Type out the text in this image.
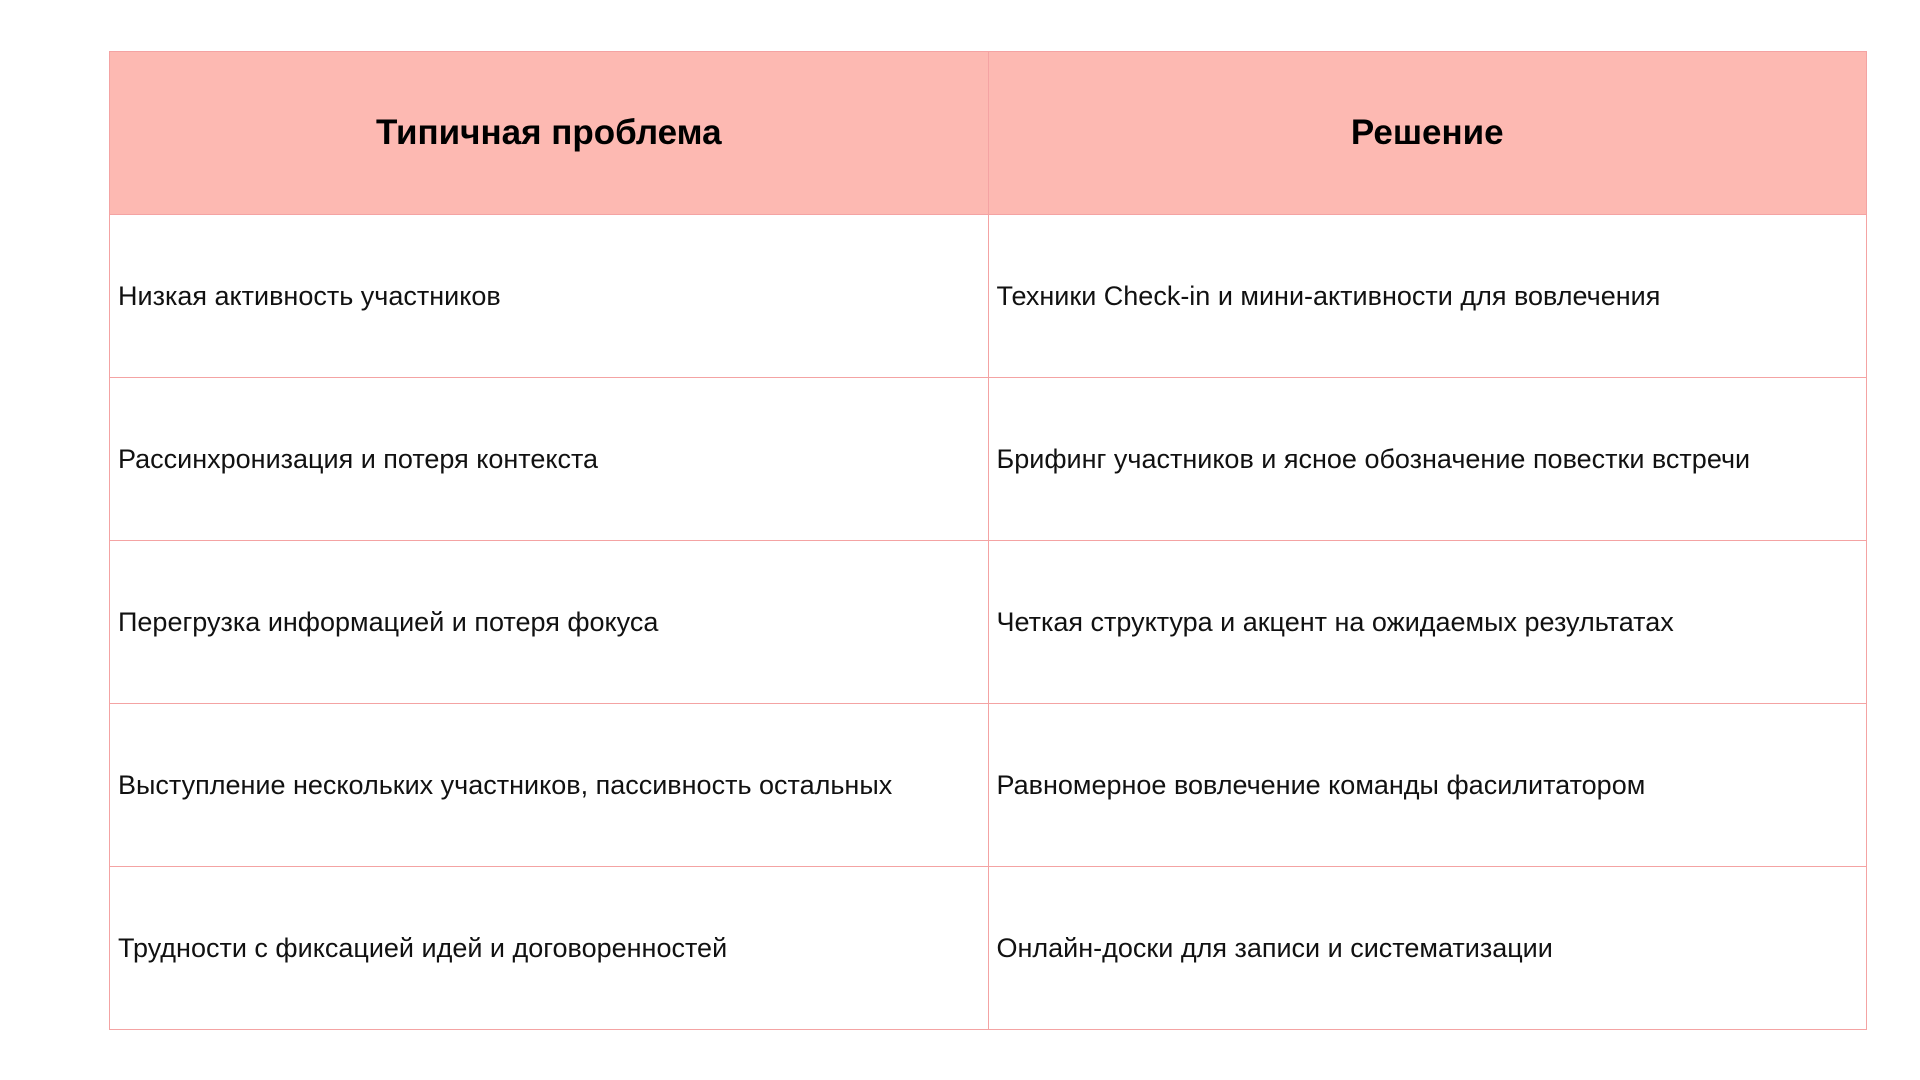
Типичная проблема	Решение
Низкая активность участников	Техники Check-in и мини-активности для вовлечения
Рассинхронизация и потеря контекста	Брифинг участников и ясное обозначение повестки встречи
Перегрузка информацией и потеря фокуса	Четкая структура и акцент на ожидаемых результатах
Выступление нескольких участников, пассивность остальных	Равномерное вовлечение команды фасилитатором
Трудности с фиксацией идей и договоренностей	Онлайн-доски для записи и систематизации
